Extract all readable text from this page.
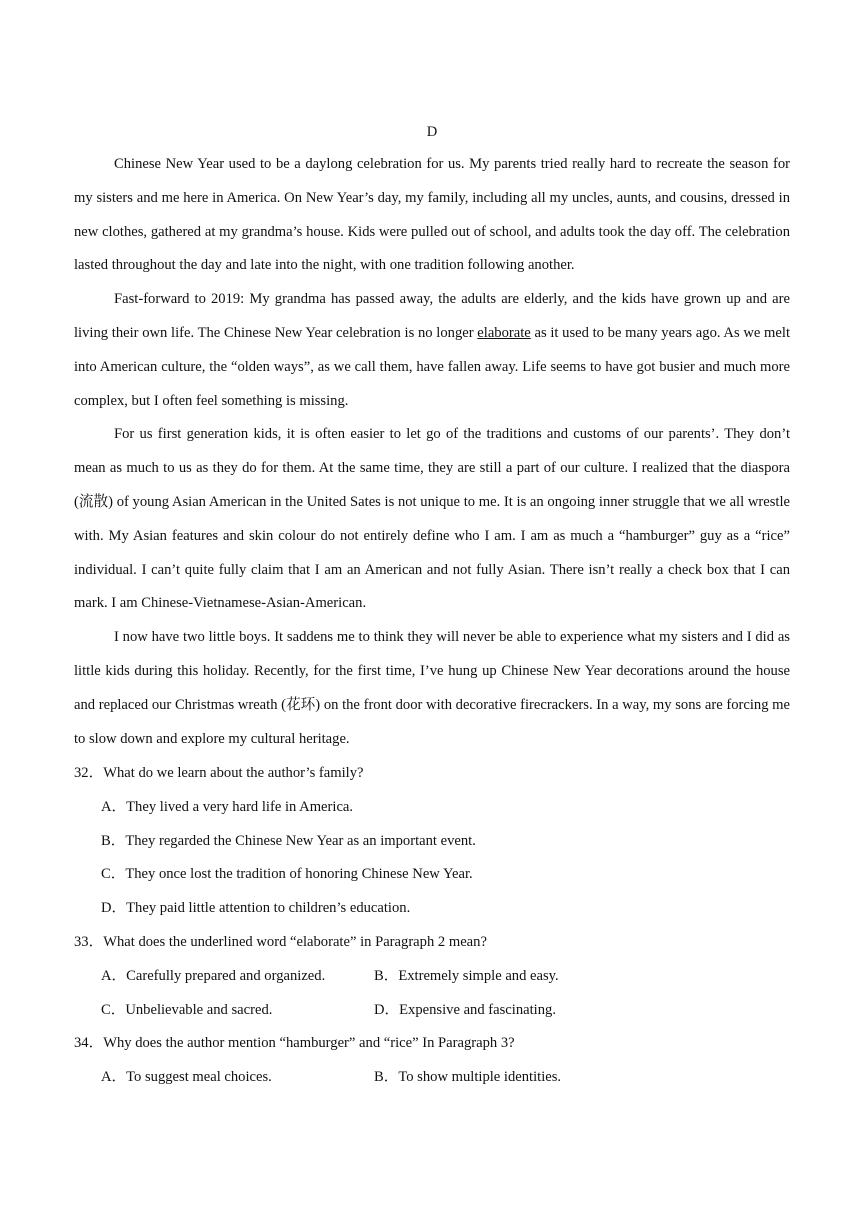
D

Chinese New Year used to be a daylong celebration for us. My parents tried really hard to recreate the season for my sisters and me here in America. On New Year’s day, my family, including all my uncles, aunts, and cousins, dressed in new clothes, gathered at my grandma’s house. Kids were pulled out of school, and adults took the day off. The celebration lasted throughout the day and late into the night, with one tradition following another.

Fast-forward to 2019: My grandma has passed away, the adults are elderly, and the kids have grown up and are living their own life. The Chinese New Year celebration is no longer elaborate as it used to be many years ago. As we melt into American culture, the “olden ways”, as we call them, have fallen away. Life seems to have got busier and much more complex, but I often feel something is missing.

For us first generation kids, it is often easier to let go of the traditions and customs of our parents’. They don’t mean as much to us as they do for them. At the same time, they are still a part of our culture. I realized that the diaspora (流散) of young Asian American in the United Sates is not unique to me. It is an ongoing inner struggle that we all wrestle with. My Asian features and skin colour do not entirely define who I am. I am as much a “hamburger” guy as a “rice” individual. I can’t quite fully claim that I am an American and not fully Asian. There isn’t really a check box that I can mark. I am Chinese-Vietnamese-Asian-American.

I now have two little boys. It saddens me to think they will never be able to experience what my sisters and I did as little kids during this holiday. Recently, for the first time, I’ve hung up Chinese New Year decorations around the house and replaced our Christmas wreath (花环) on the front door with decorative firecrackers. In a way, my sons are forcing me to slow down and explore my cultural heritage.

32．What do we learn about the author’s family?
A．They lived a very hard life in America.
B．They regarded the Chinese New Year as an important event.
C．They once lost the tradition of honoring Chinese New Year.
D．They paid little attention to children’s education.
33．What does the underlined word “elaborate” in Paragraph 2 mean?
A．Carefully prepared and organized.	B．Extremely simple and easy.
C．Unbelievable and sacred.	D．Expensive and fascinating.
34．Why does the author mention “hamburger” and “rice” In Paragraph 3?
A．To suggest meal choices.	B．To show multiple identities.
